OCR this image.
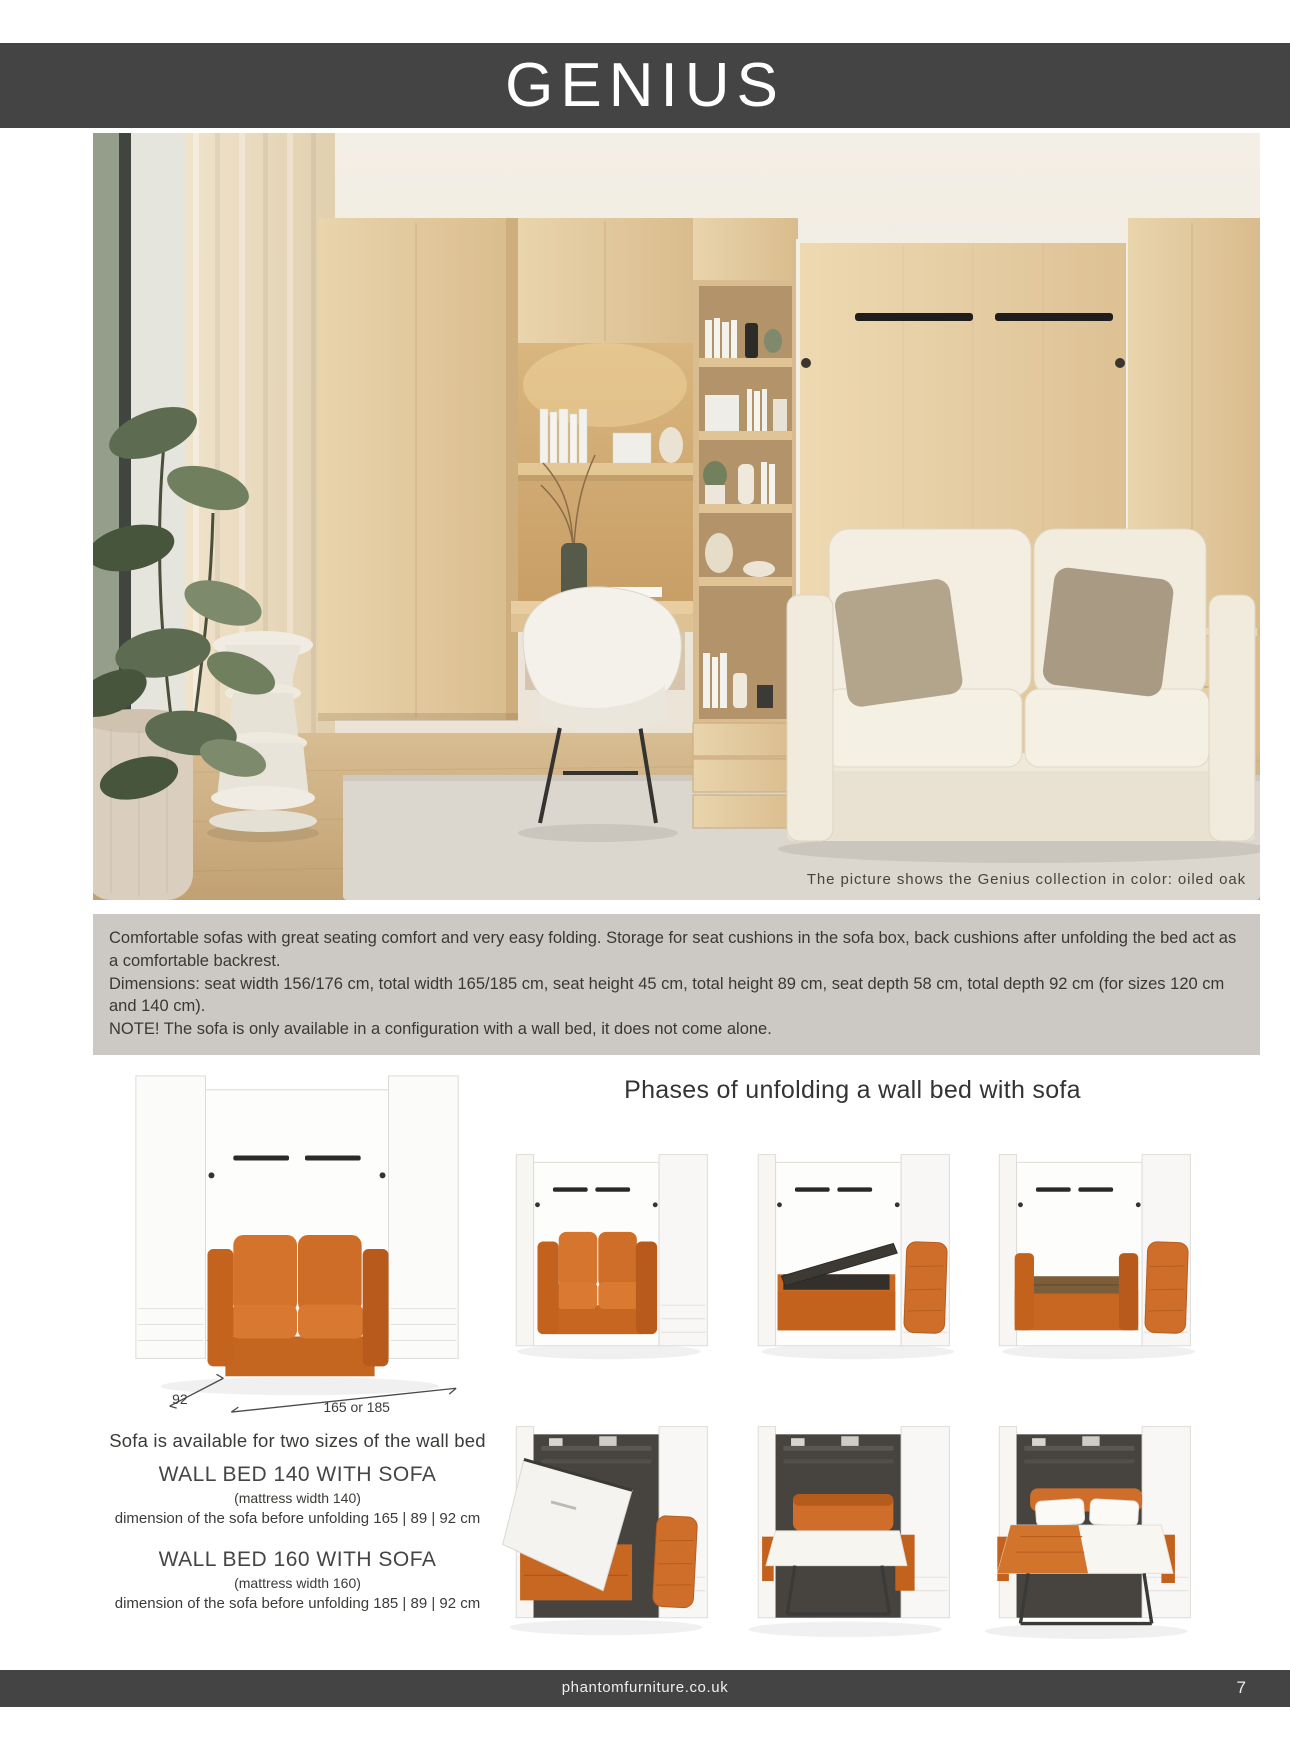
GENIUS
The picture shows the Genius collection in color: oiled oak

Comfortable sofas with great seating comfort and very easy folding. Storage for seat cushions in the sofa box, back cushions after unfolding the bed act as a comfortable backrest.

Dimensions: seat width 156/176 cm, total width 165/185 cm, seat height 45 cm, total height 89 cm, seat depth 58 cm, total depth 92 cm (for sizes 120 cm and 140 cm).

NOTE! The sofa is only available in a configuration with a wall bed, it does not come alone.

92	165 or 185
Sofa is available for two sizes of the wall bed
WALL BED 140 WITH SOFA
(mattress width 140)
dimension of the sofa before unfolding 165 | 89 | 92 cm
WALL BED 160 WITH SOFA
(mattress width 160)
dimension of the sofa before unfolding 185 | 89 | 92 cm
Phases of unfolding a wall bed with sofa
phantomfurniture.co.uk	7
